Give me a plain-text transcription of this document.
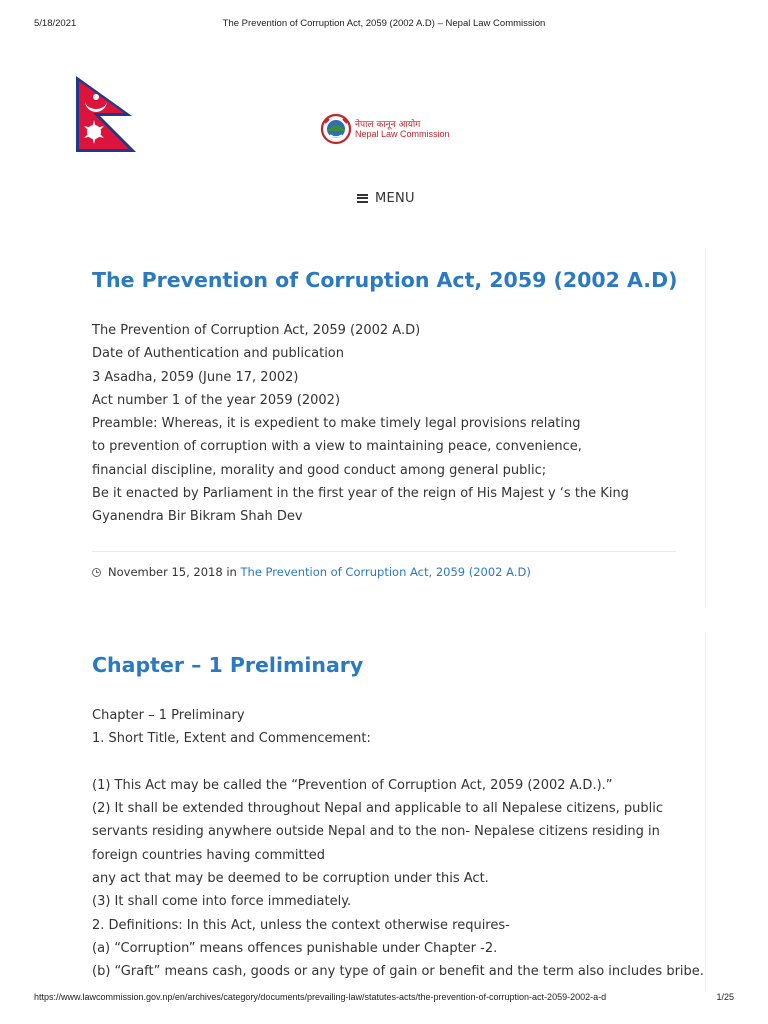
5/18/2021	The Prevention of Corruption Act, 2059 (2002 A.D) – Nepal Law Commission
नेपाल कानून आयोग
Nepal Law Commission
MENU
The Prevention of Corruption Act, 2059 (2002 A.D)
The Prevention of Corruption Act, 2059 (2002 A.D)
Date of Authentication and publication
3 Asadha, 2059 (June 17, 2002)
Act number 1 of the year 2059 (2002)
Preamble: Whereas, it is expedient to make timely legal provisions relating
to prevention of corruption with a view to maintaining peace, convenience,
financial discipline, morality and good conduct among general public;
Be it enacted by Parliament in the first year of the reign of His Majest y ‘s the King
Gyanendra Bir Bikram Shah Dev
November 15, 2018
in
The Prevention of Corruption Act, 2059 (2002 A.D)
Chapter – 1 Preliminary
Chapter – 1 Preliminary
1. Short Title, Extent and Commencement:
(1) This Act may be called the “Prevention of Corruption Act, 2059 (2002 A.D.).”
(2) It shall be extended throughout Nepal and applicable to all Nepalese citizens, public
servants residing anywhere outside Nepal and to the non- Nepalese citizens residing in
foreign countries having committed
any act that may be deemed to be corruption under this Act.
(3) It shall come into force immediately.
2. Definitions: In this Act, unless the context otherwise requires-
(a) “Corruption” means offences punishable under Chapter -2.
(b) “Graft” means cash, goods or any type of gain or benefit and the term also includes bribe.
https://www.lawcommission.gov.np/en/archives/category/documents/prevailing-law/statutes-acts/the-prevention-of-corruption-act-2059-2002-a-d	1/25
